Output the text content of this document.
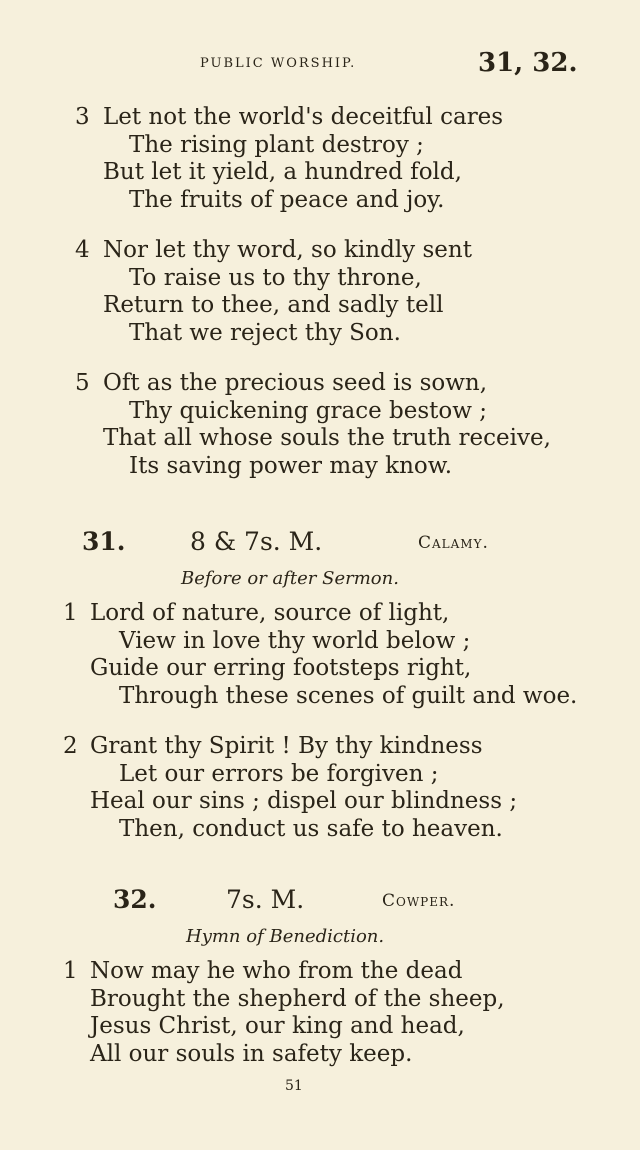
PUBLIC WORSHIP.	31, 32.
3 Let not the world's deceitful cares
The rising plant destroy ;
But let it yield, a hundred fold,
The fruits of peace and joy.
4 Nor let thy word, so kindly sent
To raise us to thy throne,
Return to thee, and sadly tell
That we reject thy Son.
5 Oft as the precious seed is sown,
Thy quickening grace bestow ;
That all whose souls the truth receive,
Its saving power may know.
31.	8 & 7s. M.	Calamy.
Before or after Sermon.
1 Lord of nature, source of light,
View in love thy world below ;
Guide our erring footsteps right,
Through these scenes of guilt and woe.
2 Grant thy Spirit ! By thy kindness
Let our errors be forgiven ;
Heal our sins ; dispel our blindness ;
Then, conduct us safe to heaven.
32.	7s. M.	Cowper.
Hymn of Benediction.
1 Now may he who from the dead
Brought the shepherd of the sheep,
Jesus Christ, our king and head,
All our souls in safety keep.
51
